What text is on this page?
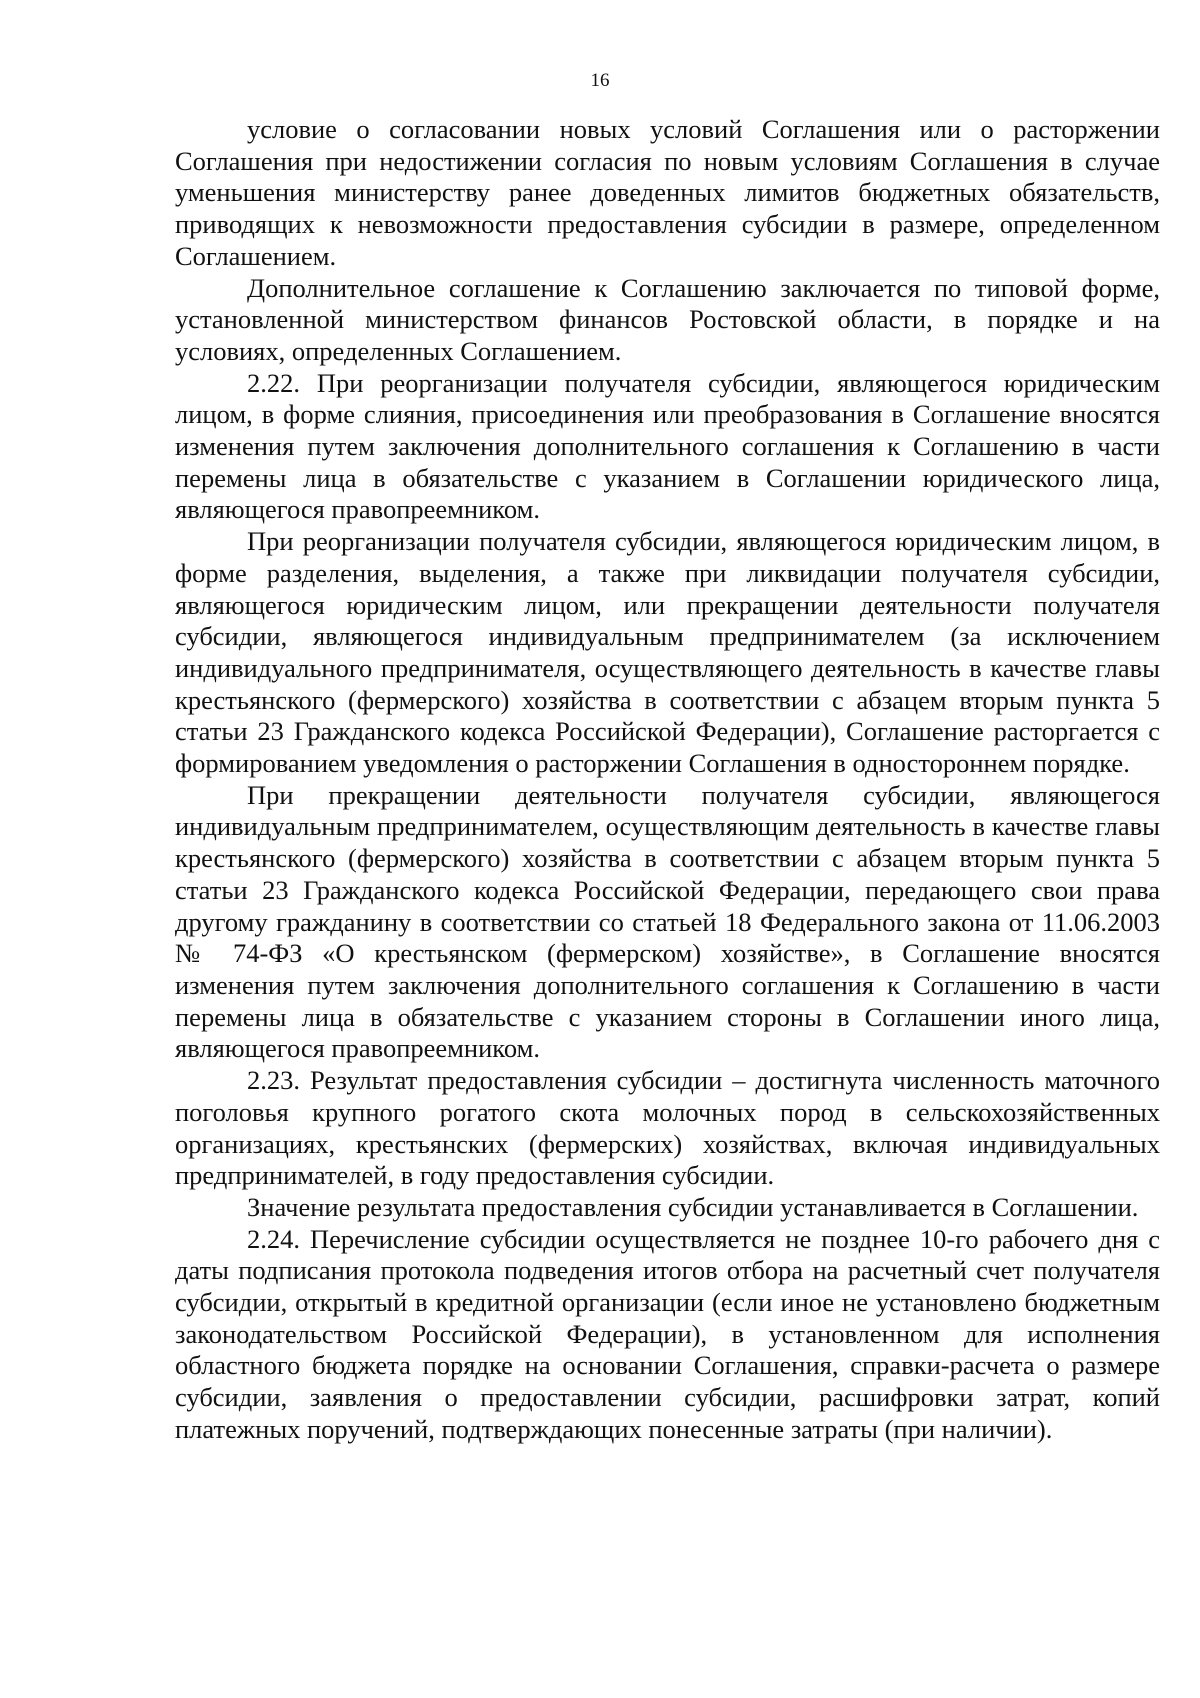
16

условие о согласовании новых условий Соглашения или о расторжении Соглашения при недостижении согласия по новым условиям Соглашения в случае уменьшения министерству ранее доведенных лимитов бюджетных обязательств, приводящих к невозможности предоставления субсидии в размере, определенном Соглашением.

Дополнительное соглашение к Соглашению заключается по типовой форме, установленной министерством финансов Ростовской области, в порядке и на условиях, определенных Соглашением.

2.22. При реорганизации получателя субсидии, являющегося юридическим лицом, в форме слияния, присоединения или преобразования в Соглашение вносятся изменения путем заключения дополнительного соглашения к Соглашению в части перемены лица в обязательстве с указанием в Соглашении юридического лица, являющегося правопреемником.

При реорганизации получателя субсидии, являющегося юридическим лицом, в форме разделения, выделения, а также при ликвидации получателя субсидии, являющегося юридическим лицом, или прекращении деятельности получателя субсидии, являющегося индивидуальным предпринимателем (за исключением индивидуального предпринимателя, осуществляющего деятельность в качестве главы крестьянского (фермерского) хозяйства в соответствии с абзацем вторым пункта 5 статьи 23 Гражданского кодекса Российской Федерации), Соглашение расторгается с формированием уведомления о расторжении Соглашения в одностороннем порядке.

При прекращении деятельности получателя субсидии, являющегося индивидуальным предпринимателем, осуществляющим деятельность в качестве главы крестьянского (фермерского) хозяйства в соответствии с абзацем вторым пункта 5 статьи 23 Гражданского кодекса Российской Федерации, передающего свои права другому гражданину в соответствии со статьей 18 Федерального закона от 11.06.2003 № 74-ФЗ «О крестьянском (фермерском) хозяйстве», в Соглашение вносятся изменения путем заключения дополнительного соглашения к Соглашению в части перемены лица в обязательстве с указанием стороны в Соглашении иного лица, являющегося правопреемником.

2.23. Результат предоставления субсидии – достигнута численность маточного поголовья крупного рогатого скота молочных пород в сельскохозяйственных организациях, крестьянских (фермерских) хозяйствах, включая индивидуальных предпринимателей, в году предоставления субсидии.

Значение результата предоставления субсидии устанавливается в Соглашении.

2.24. Перечисление субсидии осуществляется не позднее 10-го рабочего дня с даты подписания протокола подведения итогов отбора на расчетный счет получателя субсидии, открытый в кредитной организации (если иное не установлено бюджетным законодательством Российской Федерации), в установленном для исполнения областного бюджета порядке на основании Соглашения, справки-расчета о размере субсидии, заявления о предоставлении субсидии, расшифровки затрат, копий платежных поручений, подтверждающих понесенные затраты (при наличии).
